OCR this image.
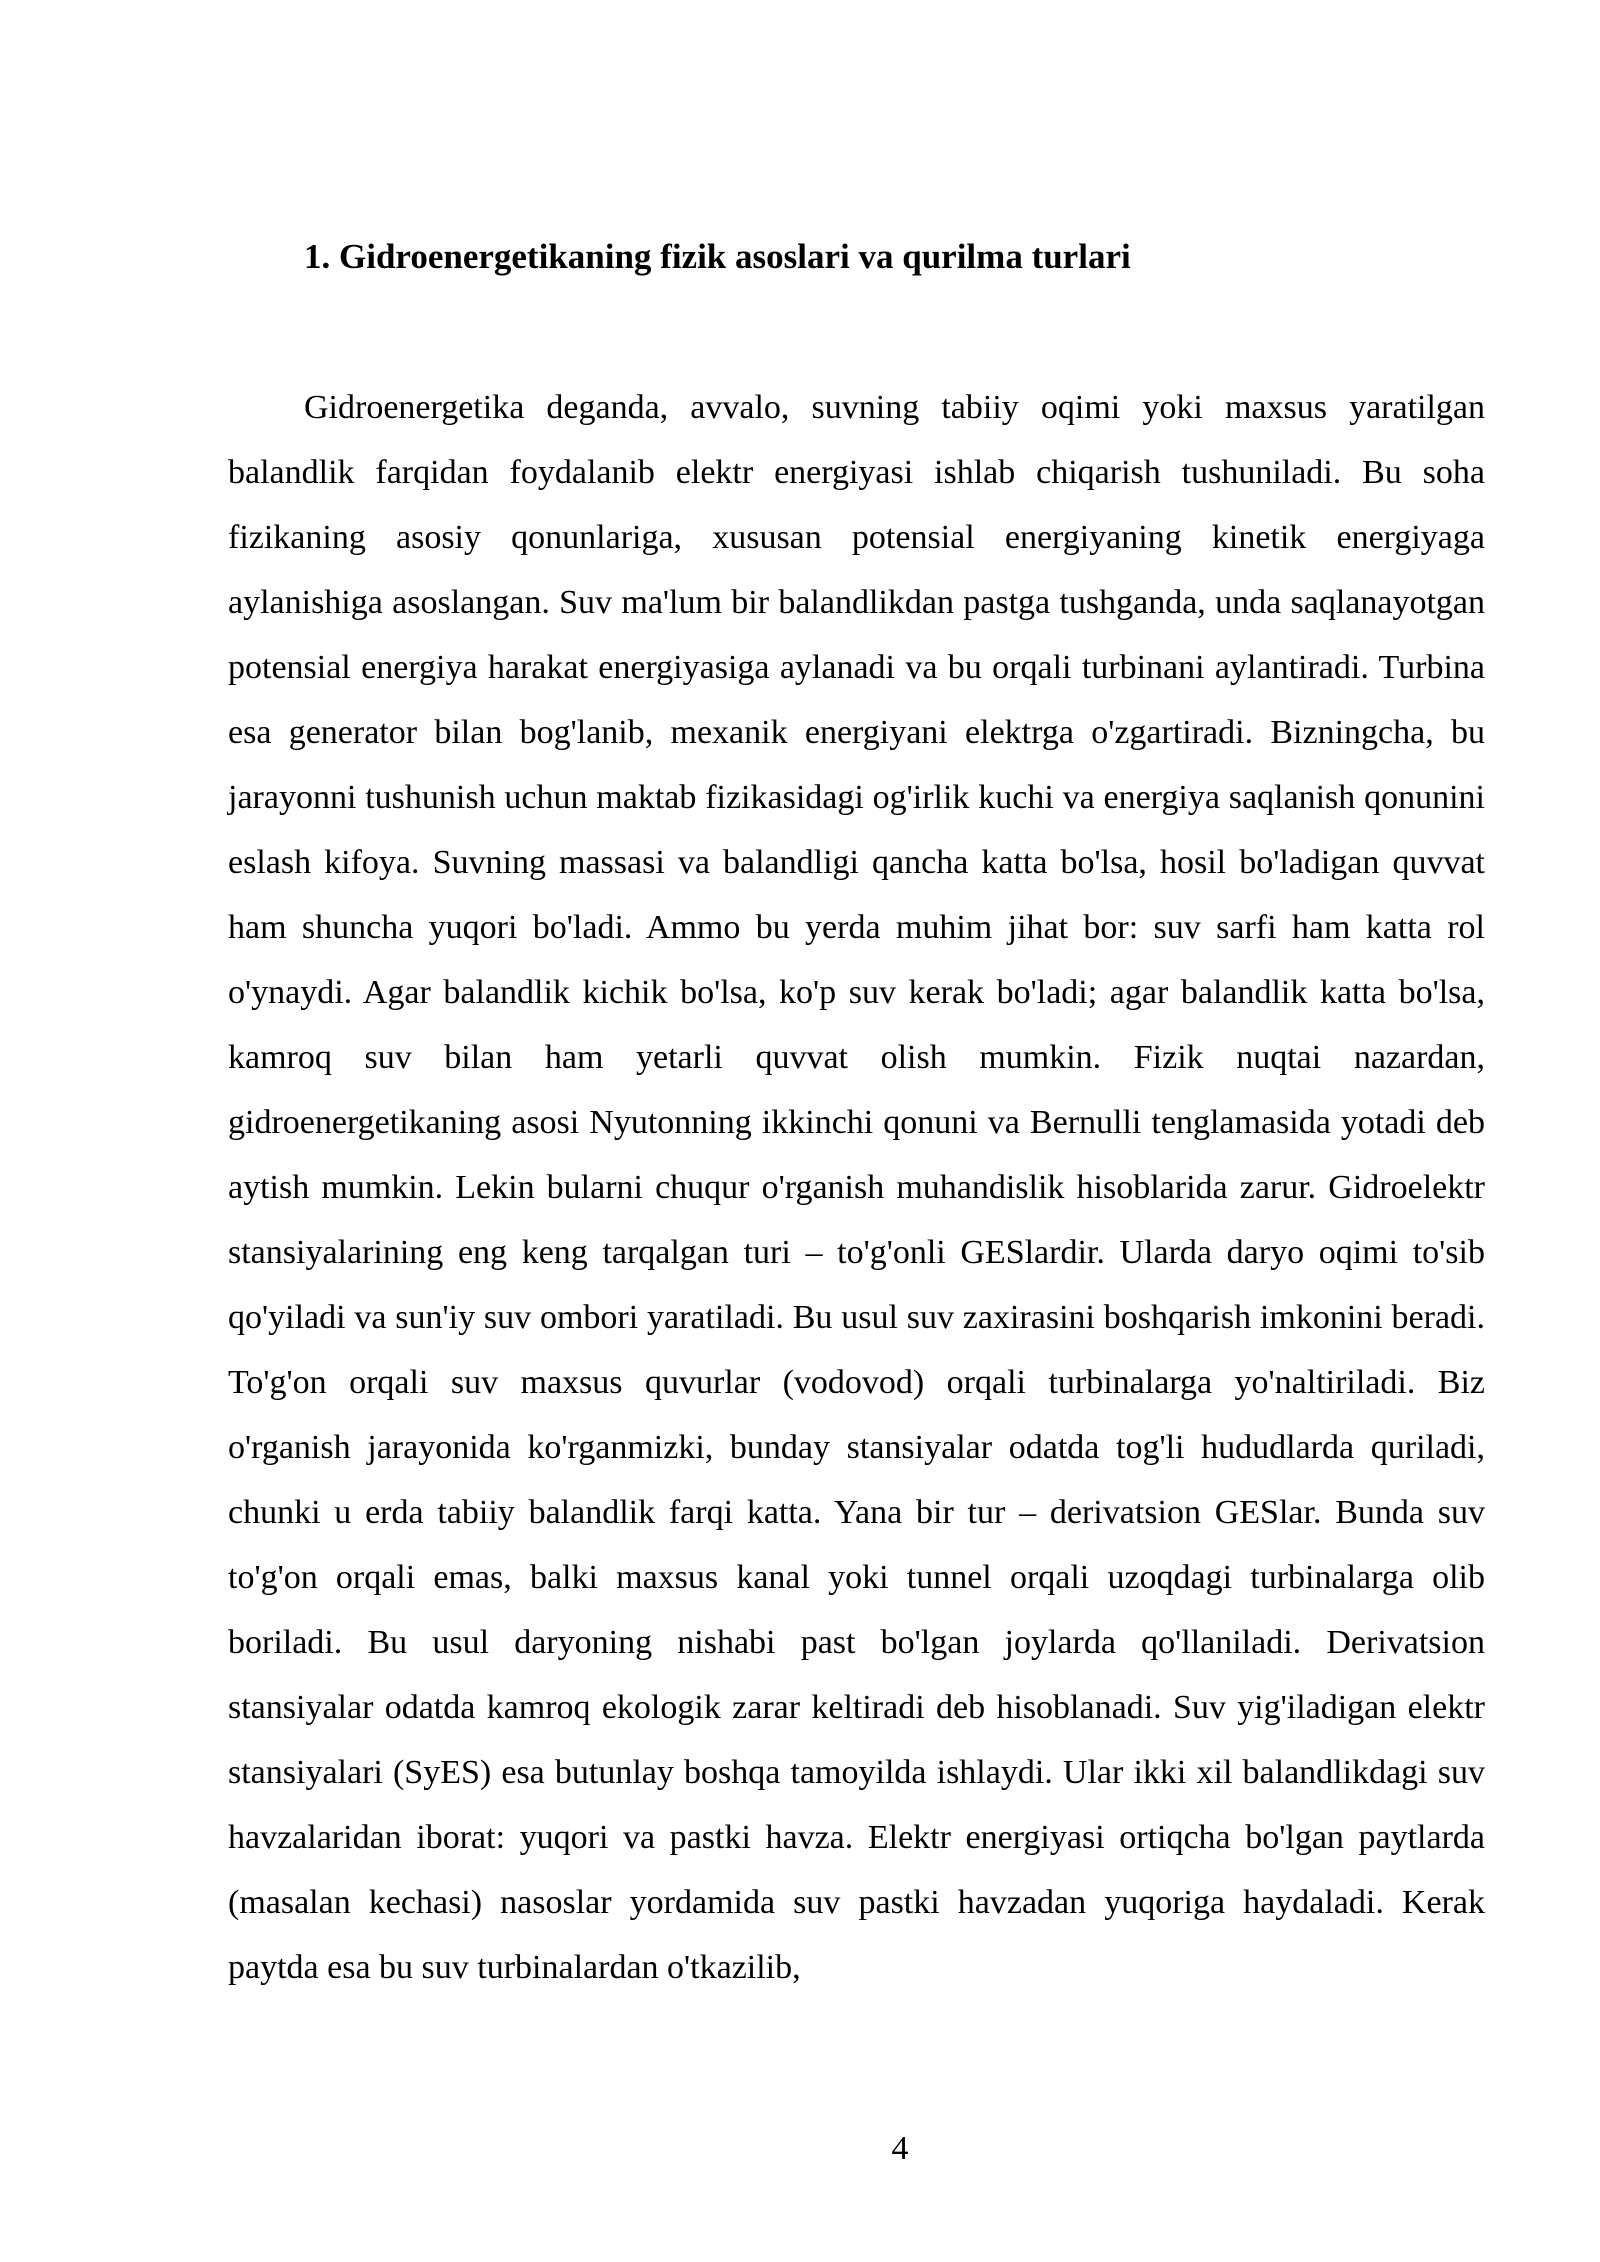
1. Gidroenergetikaning fizik asoslari va qurilma turlari

Gidroenergetika deganda, avvalo, suvning tabiiy oqimi yoki maxsus yaratilgan balandlik farqidan foydalanib elektr energiyasi ishlab chiqarish tushuniladi. Bu soha fizikaning asosiy qonunlariga, xususan potensial energiyaning kinetik energiyaga aylanishiga asoslangan. Suv ma'lum bir balandlikdan pastga tushganda, unda saqlanayotgan potensial energiya harakat energiyasiga aylanadi va bu orqali turbinani aylantiradi. Turbina esa generator bilan bog'lanib, mexanik energiyani elektrga o'zgartiradi. Bizningcha, bu jarayonni tushunish uchun maktab fizikasidagi og'irlik kuchi va energiya saqlanish qonunini eslash kifoya. Suvning massasi va balandligi qancha katta bo'lsa, hosil bo'ladigan quvvat ham shuncha yuqori bo'ladi. Ammo bu yerda muhim jihat bor: suv sarfi ham katta rol o'ynaydi. Agar balandlik kichik bo'lsa, ko'p suv kerak bo'ladi; agar balandlik katta bo'lsa, kamroq suv bilan ham yetarli quvvat olish mumkin. Fizik nuqtai nazardan, gidroenergetikaning asosi Nyutonning ikkinchi qonuni va Bernulli tenglamasida yotadi deb aytish mumkin. Lekin bularni chuqur o'rganish muhandislik hisoblarida zarur. Gidroelektr stansiyalarining eng keng tarqalgan turi – to'g'onli GESlardir. Ularda daryo oqimi to'sib qo'yiladi va sun'iy suv ombori yaratiladi. Bu usul suv zaxirasini boshqarish imkonini beradi. To'g'on orqali suv maxsus quvurlar (vodovod) orqali turbinalarga yo'naltiriladi. Biz o'rganish jarayonida ko'rganmizki, bunday stansiyalar odatda tog'li hududlarda quriladi, chunki u erda tabiiy balandlik farqi katta. Yana bir tur – derivatsion GESlar. Bunda suv to'g'on orqali emas, balki maxsus kanal yoki tunnel orqali uzoqdagi turbinalarga olib boriladi. Bu usul daryoning nishabi past bo'lgan joylarda qo'llaniladi. Derivatsion stansiyalar odatda kamroq ekologik zarar keltiradi deb hisoblanadi. Suv yig'iladigan elektr stansiyalari (SyES) esa butunlay boshqa tamoyilda ishlaydi. Ular ikki xil balandlikdagi suv havzalaridan iborat: yuqori va pastki havza. Elektr energiyasi ortiqcha bo'lgan paytlarda (masalan kechasi) nasoslar yordamida suv pastki havzadan yuqoriga haydaladi. Kerak paytda esa bu suv turbinalardan o'tkazilib,

4
